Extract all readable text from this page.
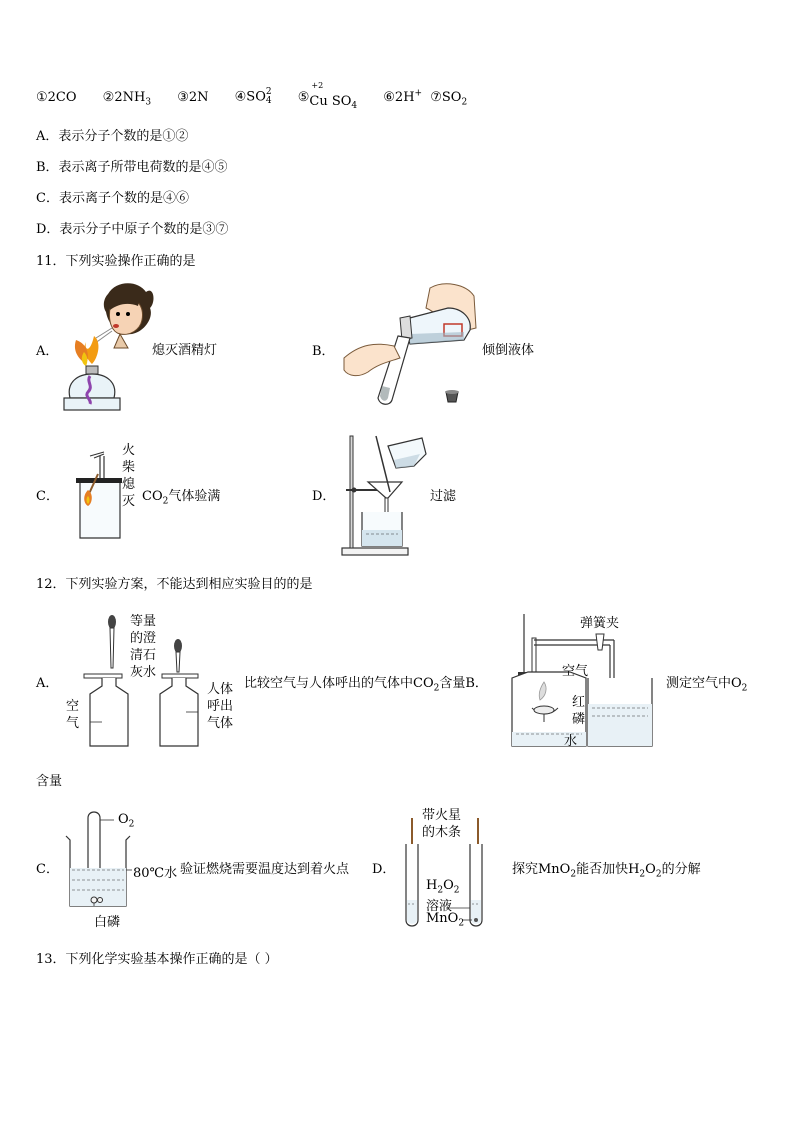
①2CO $②2NH_3$ ③2N ④SO 2
4 ⑤
+2
Cu $SO_4$ ⑥2H+ $⑦SO_2$
A．表示分子个数的是①②
B．表示离子所带电荷数的是④⑤
C．表示离子个数的是④⑥
D．表示分子中原子个数的是③⑦
11．下列实验操作正确的是
A．	熄灭酒精灯	B．	倾倒液体
C．
火柴熄灭 $CO_2$气体验满	D．	过滤
12．下列实验方案，不能达到相应实验目的的是
A．
等量的澄清石灰水
空气
人体呼出气体
比较空气与人体呼出的气体中$CO_2$含量B．
弹簧夹
空气
红磷
水
测定空气中$O_2$
含量
C．
$O_2$
80℃水
白磷
验证燃烧需要温度达到着火点 D．
带火星的木条
$H_2O_2$
溶液
MnO$_2$
探究MnO$_2$能否加快$H_2O_2$的分解
13．下列化学实验基本操作正确的是（ ）
